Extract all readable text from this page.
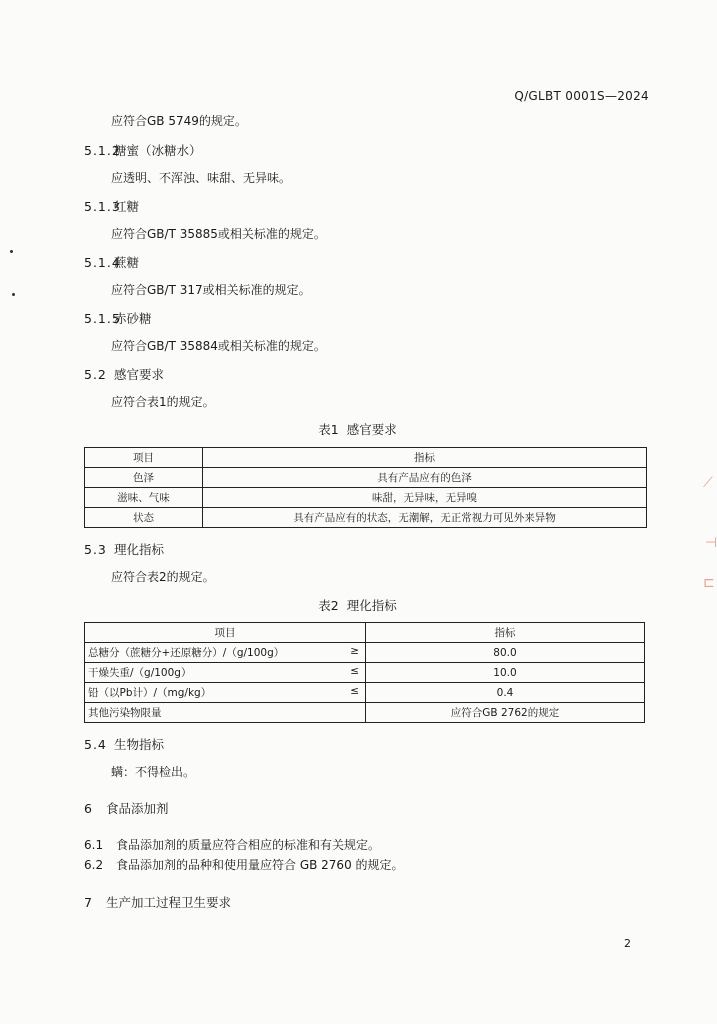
Q/GLBT 0001S—2024
应符合GB 5749的规定。
5.1.2糖蜜（冰糖水）
应透明、不浑浊、味甜、无异味。
5.1.3红糖
应符合GB/T 35885或相关标准的规定。
5.1.4蔗糖
应符合GB/T 317或相关标准的规定。
5.1.5赤砂糖
应符合GB/T 35884或相关标准的规定。
5.2 感官要求
应符合表1的规定。
表1 感官要求
项目	指标
色泽	具有产品应有的色泽
滋味、气味	味甜，无异味，无异嗅
状态	具有产品应有的状态，无潮解，无正常视力可见外来异物
5.3 理化指标
应符合表2的规定。
表2 理化指标
项目	指标
总糖分（蔗糖分+还原糖分）/（g/100g） ≥	80.0
干燥失重/（g/100g） ≤	10.0
铅（以Pb计）/（mg/kg） ≤	0.4
其他污染物限量	应符合GB 2762的规定
5.4 生物指标
螨：不得检出。
6 食品添加剂
6.1 食品添加剂的质量应符合相应的标准和有关规定。
6.2 食品添加剂的品种和使用量应符合 GB 2760 的规定。
7 生产加工过程卫生要求
2
⟋
⊣
⊏
